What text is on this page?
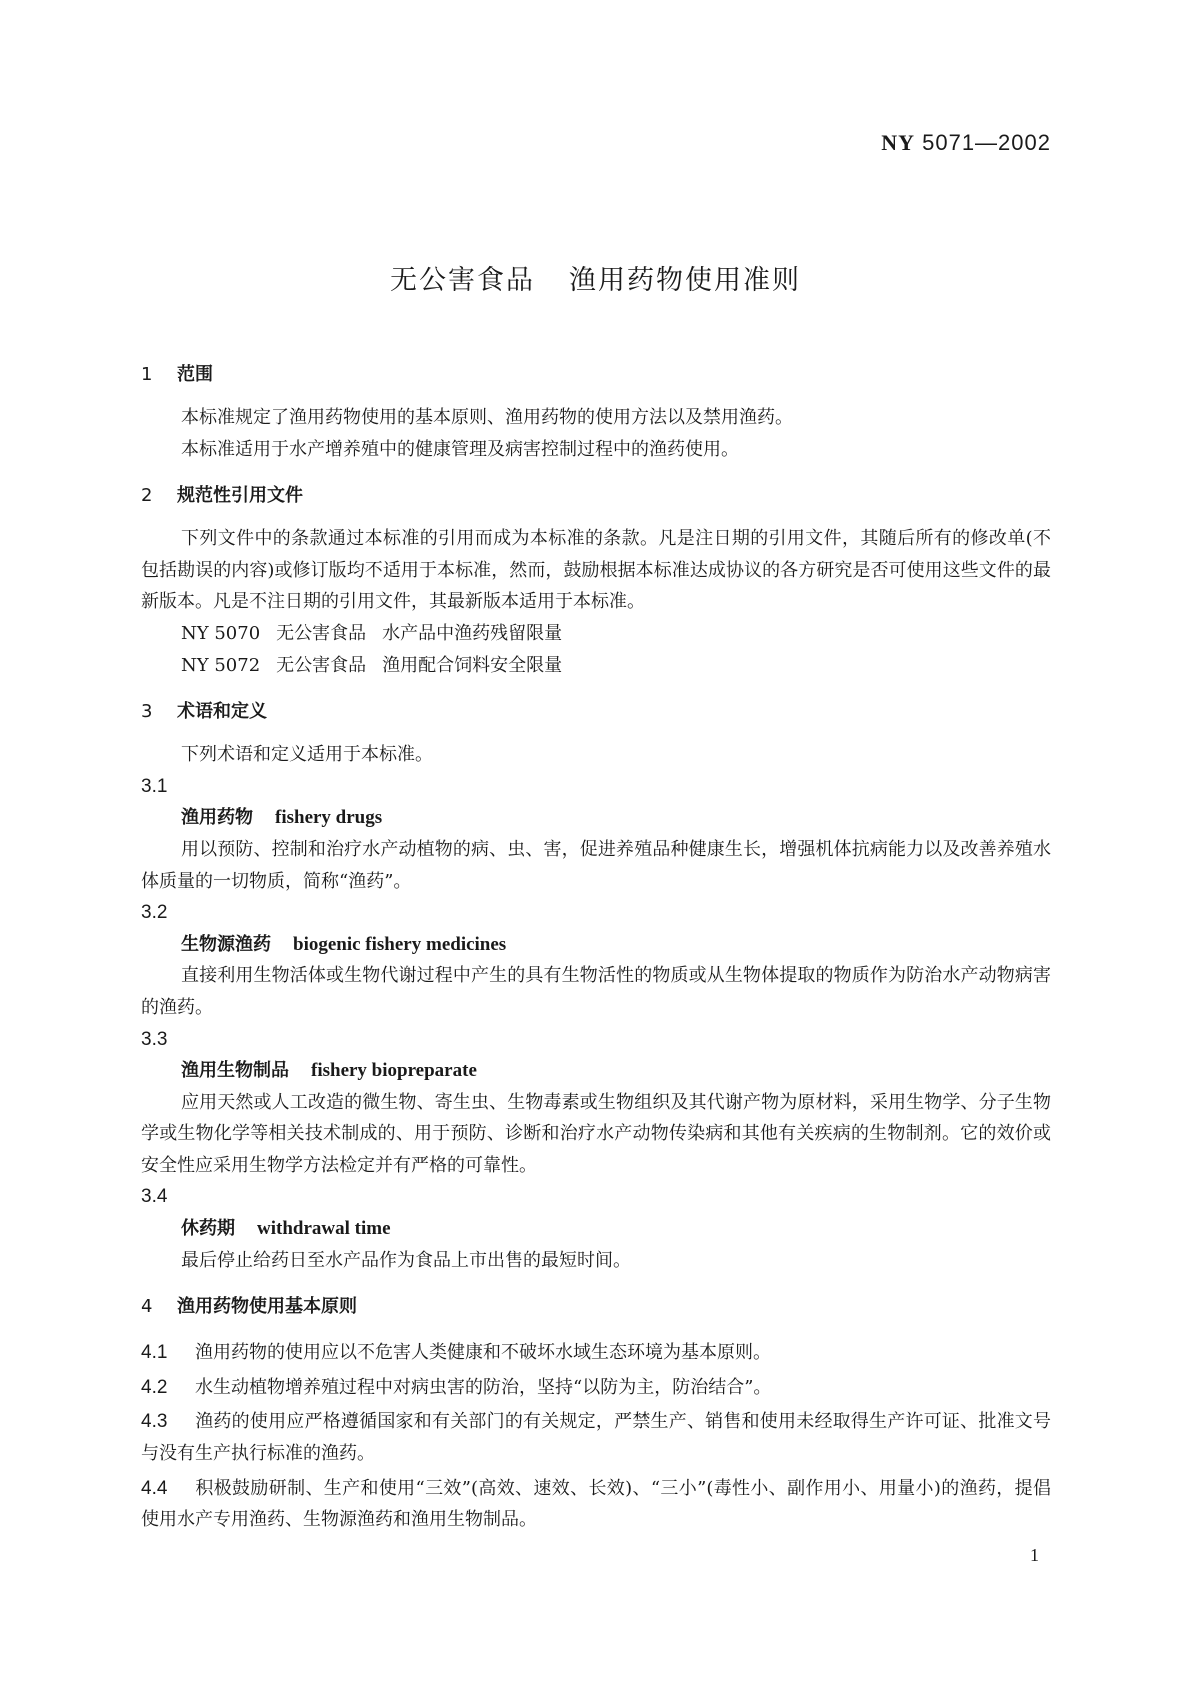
NY 5071—2002
无公害食品 渔用药物使用准则
1 范围
本标准规定了渔用药物使用的基本原则、渔用药物的使用方法以及禁用渔药。
本标准适用于水产增养殖中的健康管理及病害控制过程中的渔药使用。
2 规范性引用文件
下列文件中的条款通过本标准的引用而成为本标准的条款。凡是注日期的引用文件，其随后所有的修改单(不包括勘误的内容)或修订版均不适用于本标准，然而，鼓励根据本标准达成协议的各方研究是否可使用这些文件的最新版本。凡是不注日期的引用文件，其最新版本适用于本标准。
NY 5070 无公害食品 水产品中渔药残留限量
NY 5072 无公害食品 渔用配合饲料安全限量
3 术语和定义
下列术语和定义适用于本标准。
3.1
渔用药物 fishery drugs
用以预防、控制和治疗水产动植物的病、虫、害，促进养殖品种健康生长，增强机体抗病能力以及改善养殖水体质量的一切物质，简称“渔药”。
3.2
生物源渔药 biogenic fishery medicines
直接利用生物活体或生物代谢过程中产生的具有生物活性的物质或从生物体提取的物质作为防治水产动物病害的渔药。
3.3
渔用生物制品 fishery biopreparate
应用天然或人工改造的微生物、寄生虫、生物毒素或生物组织及其代谢产物为原材料，采用生物学、分子生物学或生物化学等相关技术制成的、用于预防、诊断和治疗水产动物传染病和其他有关疾病的生物制剂。它的效价或安全性应采用生物学方法检定并有严格的可靠性。
3.4
休药期 withdrawal time
最后停止给药日至水产品作为食品上市出售的最短时间。
4 渔用药物使用基本原则
4.1 渔用药物的使用应以不危害人类健康和不破坏水域生态环境为基本原则。
4.2 水生动植物增养殖过程中对病虫害的防治，坚持“以防为主，防治结合”。
4.3 渔药的使用应严格遵循国家和有关部门的有关规定，严禁生产、销售和使用未经取得生产许可证、批准文号与没有生产执行标准的渔药。
4.4 积极鼓励研制、生产和使用“三效”(高效、速效、长效)、“三小”(毒性小、副作用小、用量小)的渔药，提倡使用水产专用渔药、生物源渔药和渔用生物制品。
1
